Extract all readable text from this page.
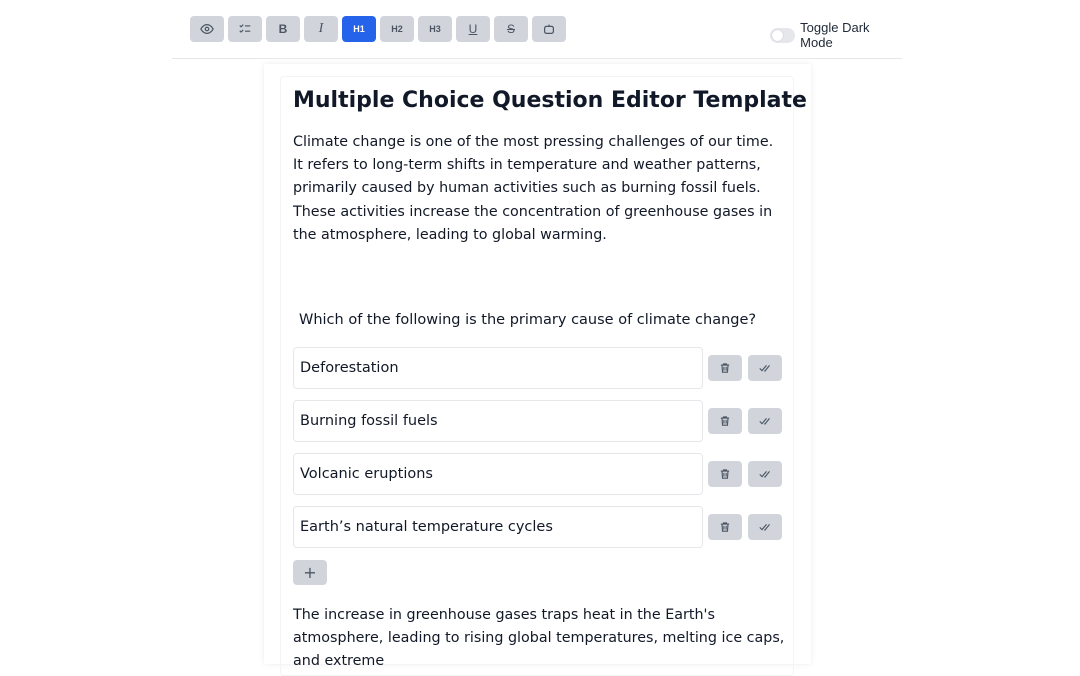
B	I	H1	H2	H3	U	S	Toggle Dark Mode
Multiple Choice Question Editor Template

Climate change is one of the most pressing challenges of our time. It refers to long-term shifts in temperature and weather patterns, primarily caused by human activities such as burning fossil fuels. These activities increase the concentration of greenhouse gases in the atmosphere, leading to global warming.

Which of the following is the primary cause of climate change?
Deforestation
Burning fossil fuels
Volcanic eruptions
Earth’s natural temperature cycles
+

The increase in greenhouse gases traps heat in the Earth's atmosphere, leading to rising global temperatures, melting ice caps, and extreme
